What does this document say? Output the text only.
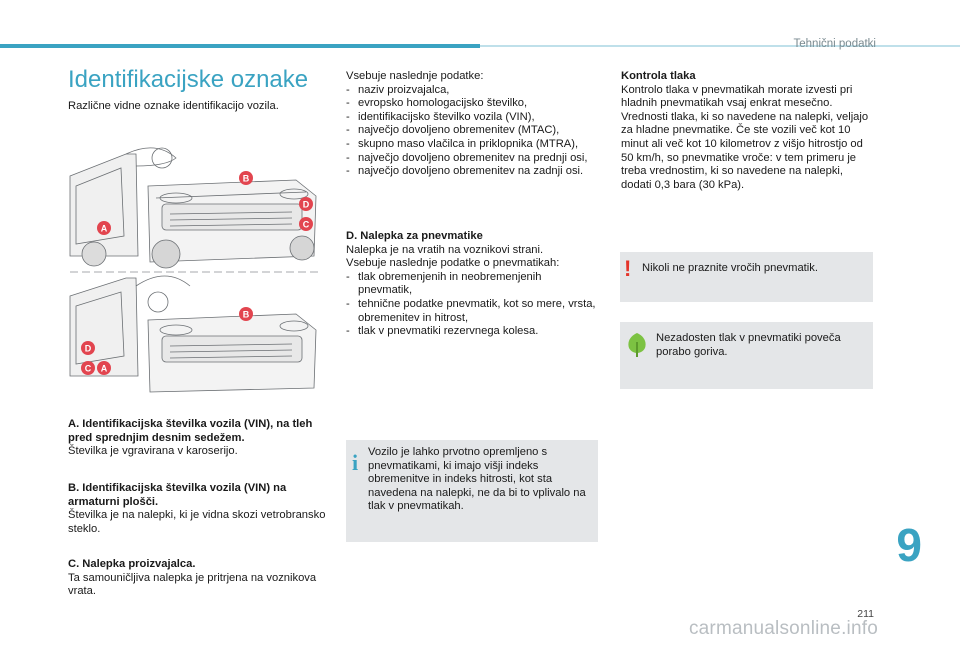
Tehnični podatki
Identifikacijske oznake
Različne vidne oznake identifikacijo vozila.
A
B
C
D
B
D
C A
A. Identifikacijska številka vozila (VIN), na tleh pred sprednjim desnim sedežem.
Številka je vgravirana v karoserijo.
B. Identifikacijska številka vozila (VIN) na armaturni plošči.
Številka je na nalepki, ki je vidna skozi vetrobransko steklo.
C. Nalepka proizvajalca.
Ta samouničljiva nalepka je pritrjena na voznikova vrata.
Vsebuje naslednje podatke:
- naziv proizvajalca,
- evropsko homologacijsko številko,
- identifikacijsko številko vozila (VIN),
- največjo dovoljeno obremenitev (MTAC),
- skupno maso vlačilca in priklopnika (MTRA),
- največjo dovoljeno obremenitev na prednji osi,
- največjo dovoljeno obremenitev na zadnji osi.
D. Nalepka za pnevmatike
Nalepka je na vratih na voznikovi strani.
Vsebuje naslednje podatke o pnevmatikah:
- tlak obremenjenih in neobremenjenih pnevmatik,
- tehnične podatke pnevmatik, kot so mere, vrsta, obremenitev in hitrost,
- tlak v pnevmatiki rezervnega kolesa.
i Vozilo je lahko prvotno opremljeno s pnevmatikami, ki imajo višji indeks obremenitve in indeks hitrosti, kot sta navedena na nalepki, ne da bi to vplivalo na tlak v pnevmatikah.
Kontrola tlaka
Kontrolo tlaka v pnevmatikah morate izvesti pri hladnih pnevmatikah vsaj enkrat mesečno. Vrednosti tlaka, ki so navedene na nalepki, veljajo za hladne pnevmatike. Če ste vozili več kot 10 minut ali več kot 10 kilometrov z višjo hitrostjo od 50 km/h, so pnevmatike vroče: v tem primeru je treba vrednostim, ki so navedene na nalepki, dodati 0,3 bara (30 kPa).
! Nikoli ne praznite vročih pnevmatik.
Nezadosten tlak v pnevmatiki poveča porabo goriva.
9
211
carmanualsonline.info
